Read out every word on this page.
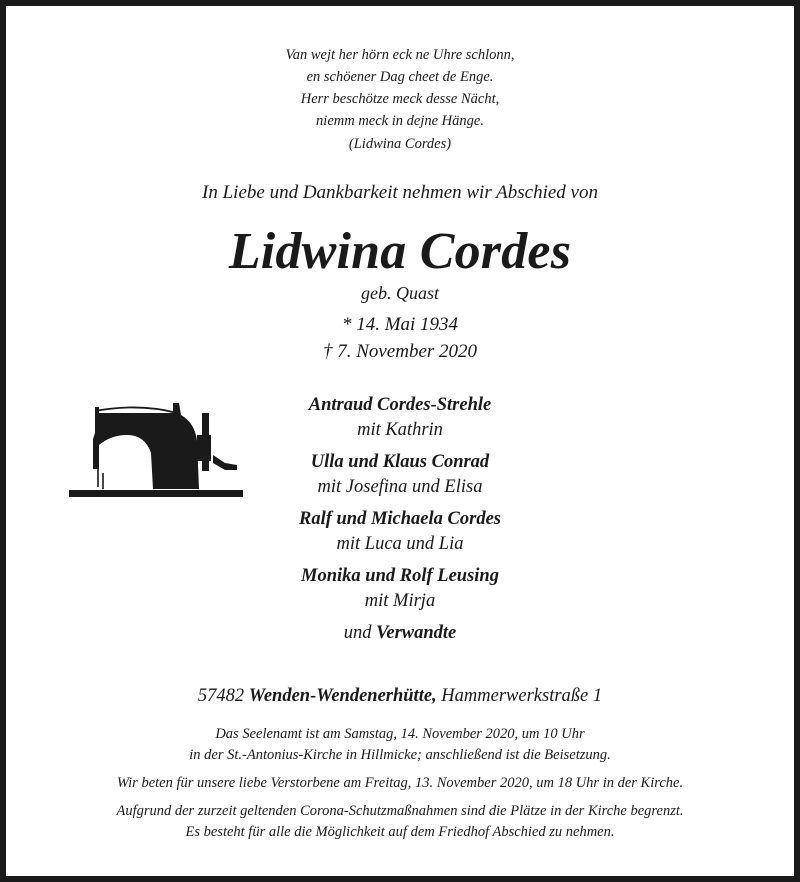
Van wejt her hörn eck ne Uhre schlonn,
en schöener Dag cheet de Enge.
Herr beschötze meck desse Nächt,
niemm meck in dejne Hänge.
(Lidwina Cordes)
In Liebe und Dankbarkeit nehmen wir Abschied von
Lidwina Cordes
geb. Quast
* 14. Mai 1934
† 7. November 2020
Antraud Cordes-Strehle
mit Kathrin
Ulla und Klaus Conrad
mit Josefina und Elisa
Ralf und Michaela Cordes
mit Luca und Lia
Monika und Rolf Leusing
mit Mirja
und Verwandte
57482 Wenden-Wendenerhütte, Hammerwerkstraße 1
Das Seelenamt ist am Samstag, 14. November 2020, um 10 Uhr
in der St.-Antonius-Kirche in Hillmicke; anschließend ist die Beisetzung.
Wir beten für unsere liebe Verstorbene am Freitag, 13. November 2020, um 18 Uhr in der Kirche.
Aufgrund der zurzeit geltenden Corona-Schutzmaßnahmen sind die Plätze in der Kirche begrenzt.
Es besteht für alle die Möglichkeit auf dem Friedhof Abschied zu nehmen.
